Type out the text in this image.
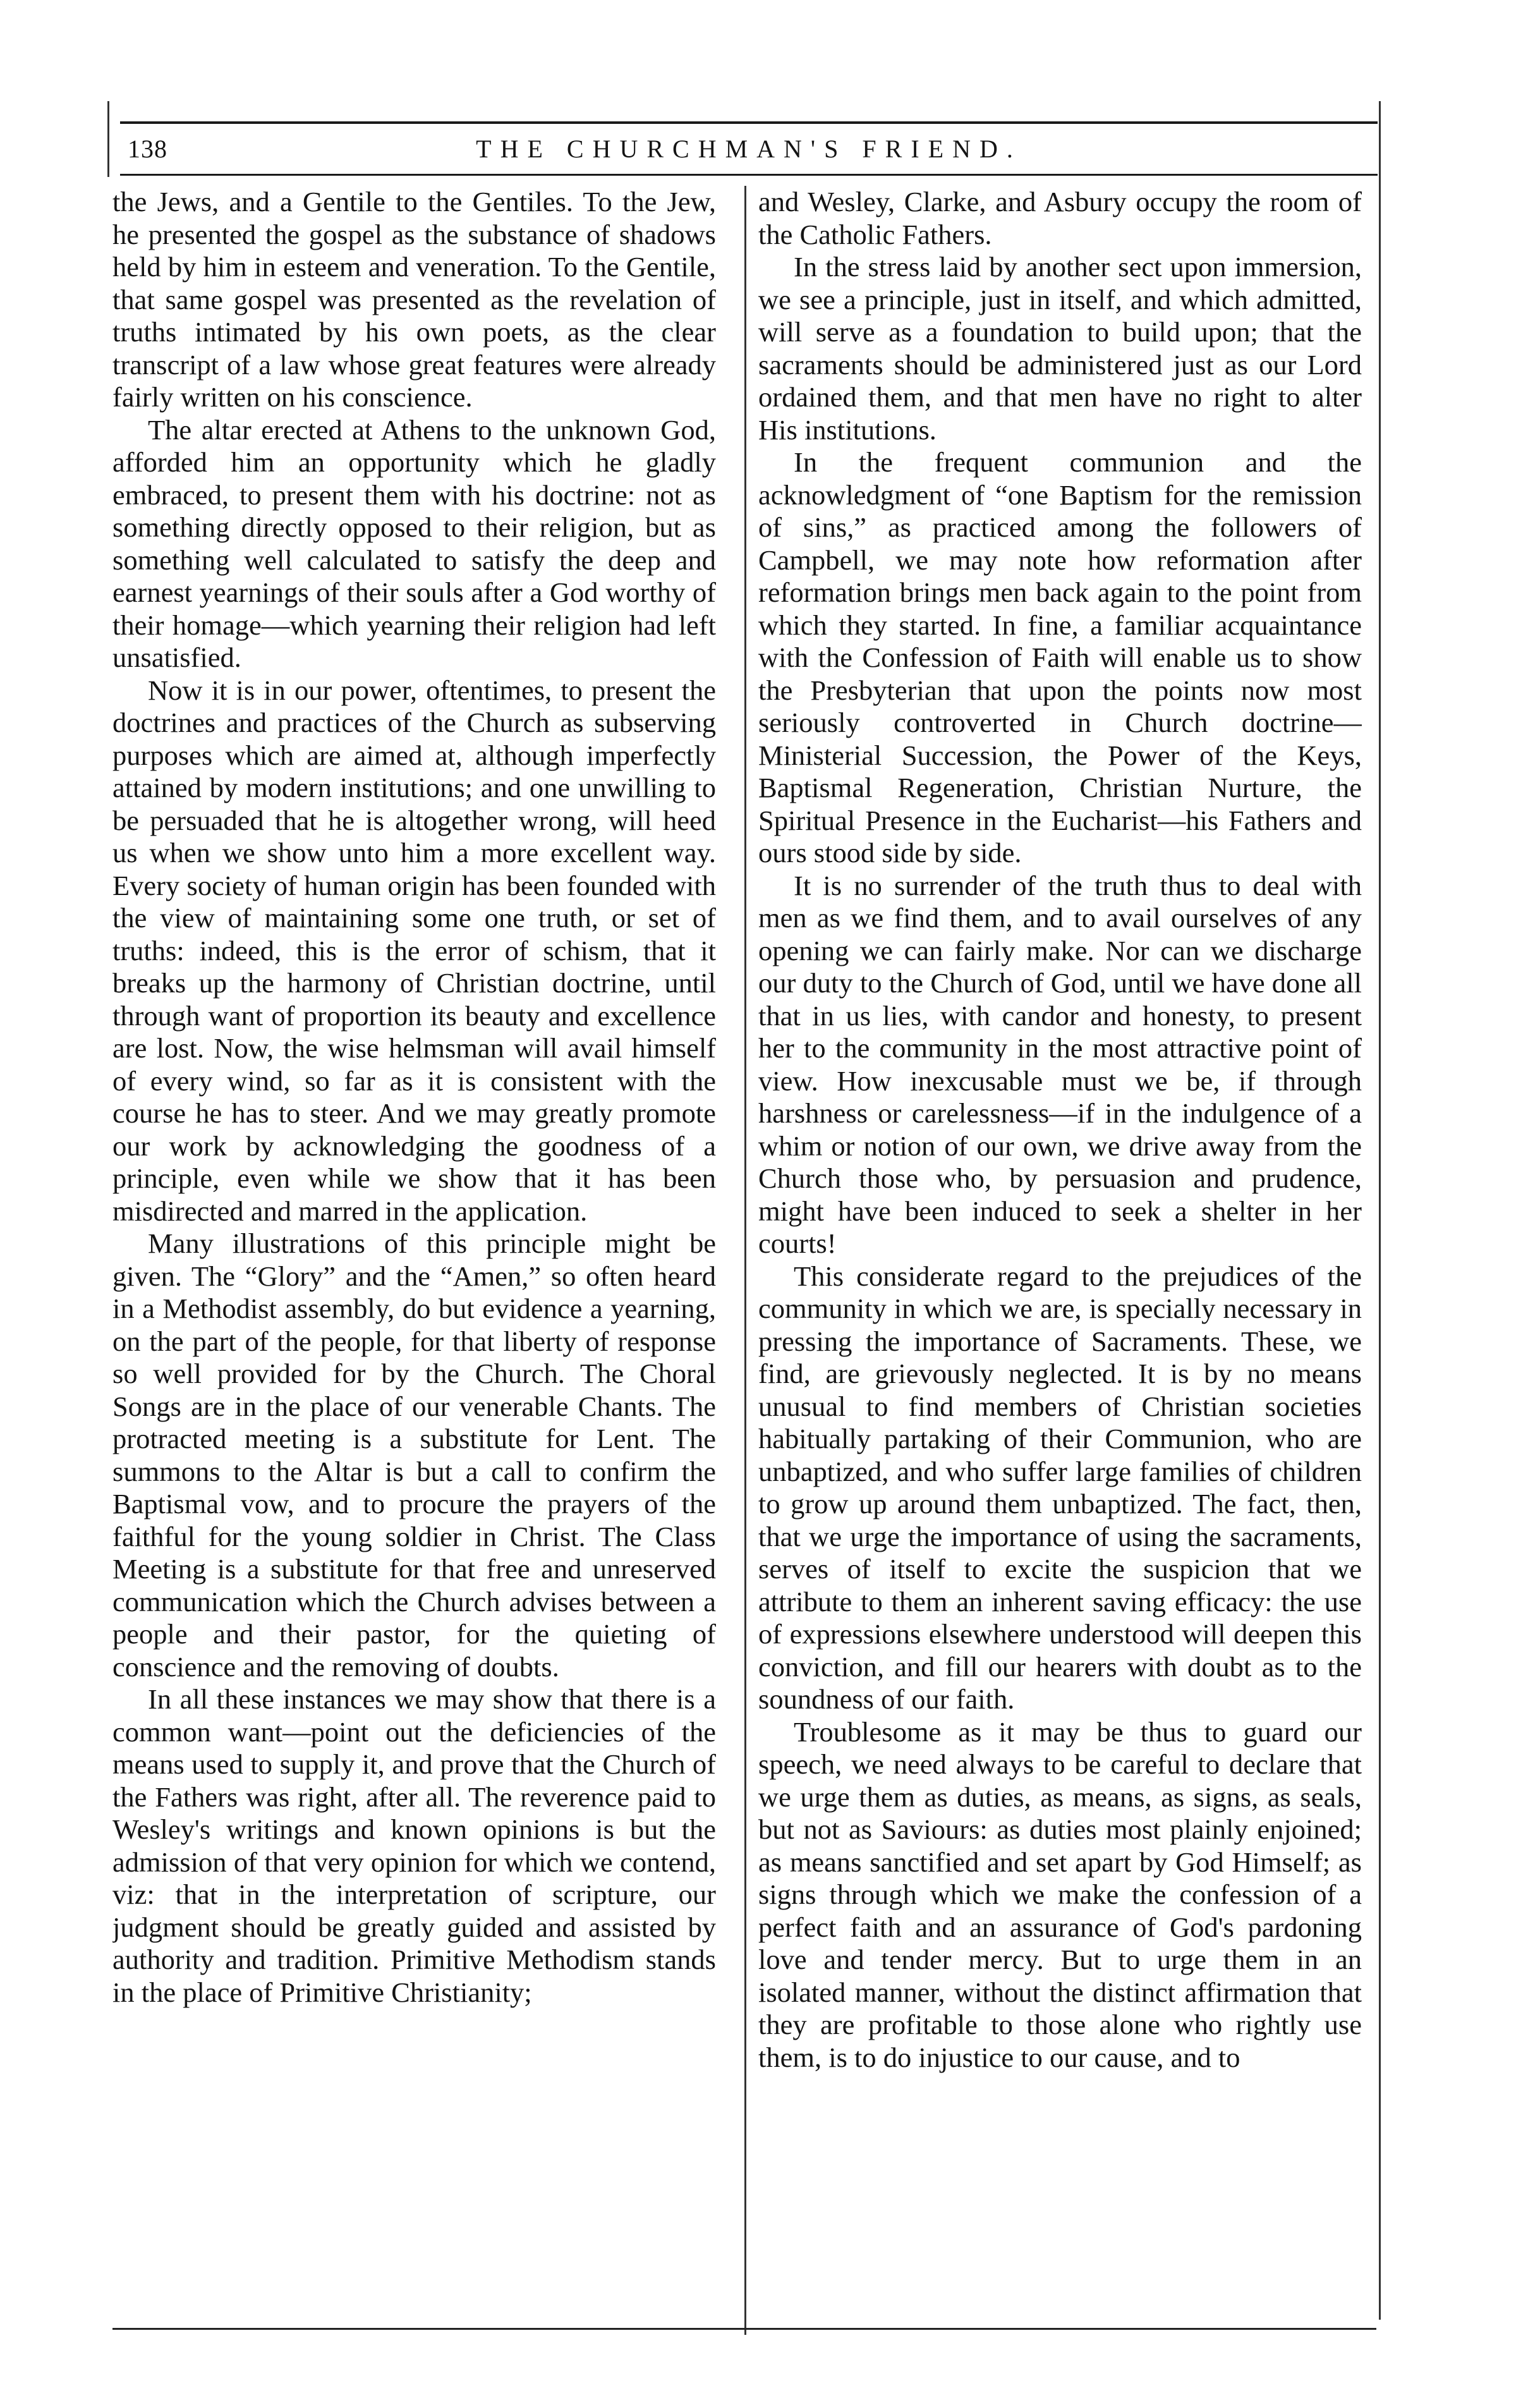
138	THE CHURCHMAN'S FRIEND.

the Jews, and a Gentile to the Gentiles. To the Jew, he presented the gospel as the substance of shadows held by him in esteem and veneration. To the Gentile, that same gospel was presented as the revelation of truths intimated by his own poets, as the clear transcript of a law whose great features were already fairly written on his conscience.

The altar erected at Athens to the unknown God, afforded him an opportunity which he gladly embraced, to present them with his doctrine: not as something directly opposed to their religion, but as something well calculated to satisfy the deep and earnest yearnings of their souls after a God worthy of their homage—which yearning their religion had left unsatisfied.

Now it is in our power, oftentimes, to present the doctrines and practices of the Church as subserving purposes which are aimed at, although imperfectly attained by modern institutions; and one unwilling to be persuaded that he is altogether wrong, will heed us when we show unto him a more excellent way. Every society of human origin has been founded with the view of maintaining some one truth, or set of truths: indeed, this is the error of schism, that it breaks up the harmony of Christian doctrine, until through want of proportion its beauty and excellence are lost. Now, the wise helmsman will avail himself of every wind, so far as it is consistent with the course he has to steer. And we may greatly promote our work by acknowledging the goodness of a principle, even while we show that it has been misdirected and marred in the application.

Many illustrations of this principle might be given. The “Glory” and the “Amen,” so often heard in a Methodist assembly, do but evidence a yearning, on the part of the people, for that liberty of response so well provided for by the Church. The Choral Songs are in the place of our venerable Chants. The protracted meeting is a substitute for Lent. The summons to the Altar is but a call to confirm the Baptismal vow, and to procure the prayers of the faithful for the young soldier in Christ. The Class Meeting is a substitute for that free and unreserved communication which the Church advises between a people and their pastor, for the quieting of conscience and the removing of doubts.

In all these instances we may show that there is a common want—point out the deficiencies of the means used to supply it, and prove that the Church of the Fathers was right, after all. The reverence paid to Wesley's writings and known opinions is but the admission of that very opinion for which we contend, viz: that in the interpretation of scripture, our judgment should be greatly guided and assisted by authority and tradition. Primitive Methodism stands in the place of Primitive Christianity;

and Wesley, Clarke, and Asbury occupy the room of the Catholic Fathers.

In the stress laid by another sect upon immersion, we see a principle, just in itself, and which admitted, will serve as a foundation to build upon; that the sacraments should be administered just as our Lord ordained them, and that men have no right to alter His institutions.

In the frequent communion and the acknowledgment of “one Baptism for the remission of sins,” as practiced among the followers of Campbell, we may note how reformation after reformation brings men back again to the point from which they started. In fine, a familiar acquaintance with the Confession of Faith will enable us to show the Presbyterian that upon the points now most seriously controverted in Church doctrine—Ministerial Succession, the Power of the Keys, Baptismal Regeneration, Christian Nurture, the Spiritual Presence in the Eucharist—his Fathers and ours stood side by side.

It is no surrender of the truth thus to deal with men as we find them, and to avail ourselves of any opening we can fairly make. Nor can we discharge our duty to the Church of God, until we have done all that in us lies, with candor and honesty, to present her to the community in the most attractive point of view. How inexcusable must we be, if through harshness or carelessness—if in the indulgence of a whim or notion of our own, we drive away from the Church those who, by persuasion and prudence, might have been induced to seek a shelter in her courts!

This considerate regard to the prejudices of the community in which we are, is specially necessary in pressing the importance of Sacraments. These, we find, are grievously neglected. It is by no means unusual to find members of Christian societies habitually partaking of their Communion, who are unbaptized, and who suffer large families of children to grow up around them unbaptized. The fact, then, that we urge the importance of using the sacraments, serves of itself to excite the suspicion that we attribute to them an inherent saving efficacy: the use of expressions elsewhere understood will deepen this conviction, and fill our hearers with doubt as to the soundness of our faith.

Troublesome as it may be thus to guard our speech, we need always to be careful to declare that we urge them as duties, as means, as signs, as seals, but not as Saviours: as duties most plainly enjoined; as means sanctified and set apart by God Himself; as signs through which we make the confession of a perfect faith and an assurance of God's pardoning love and tender mercy. But to urge them in an isolated manner, without the distinct affirmation that they are profitable to those alone who rightly use them, is to do injustice to our cause, and to
